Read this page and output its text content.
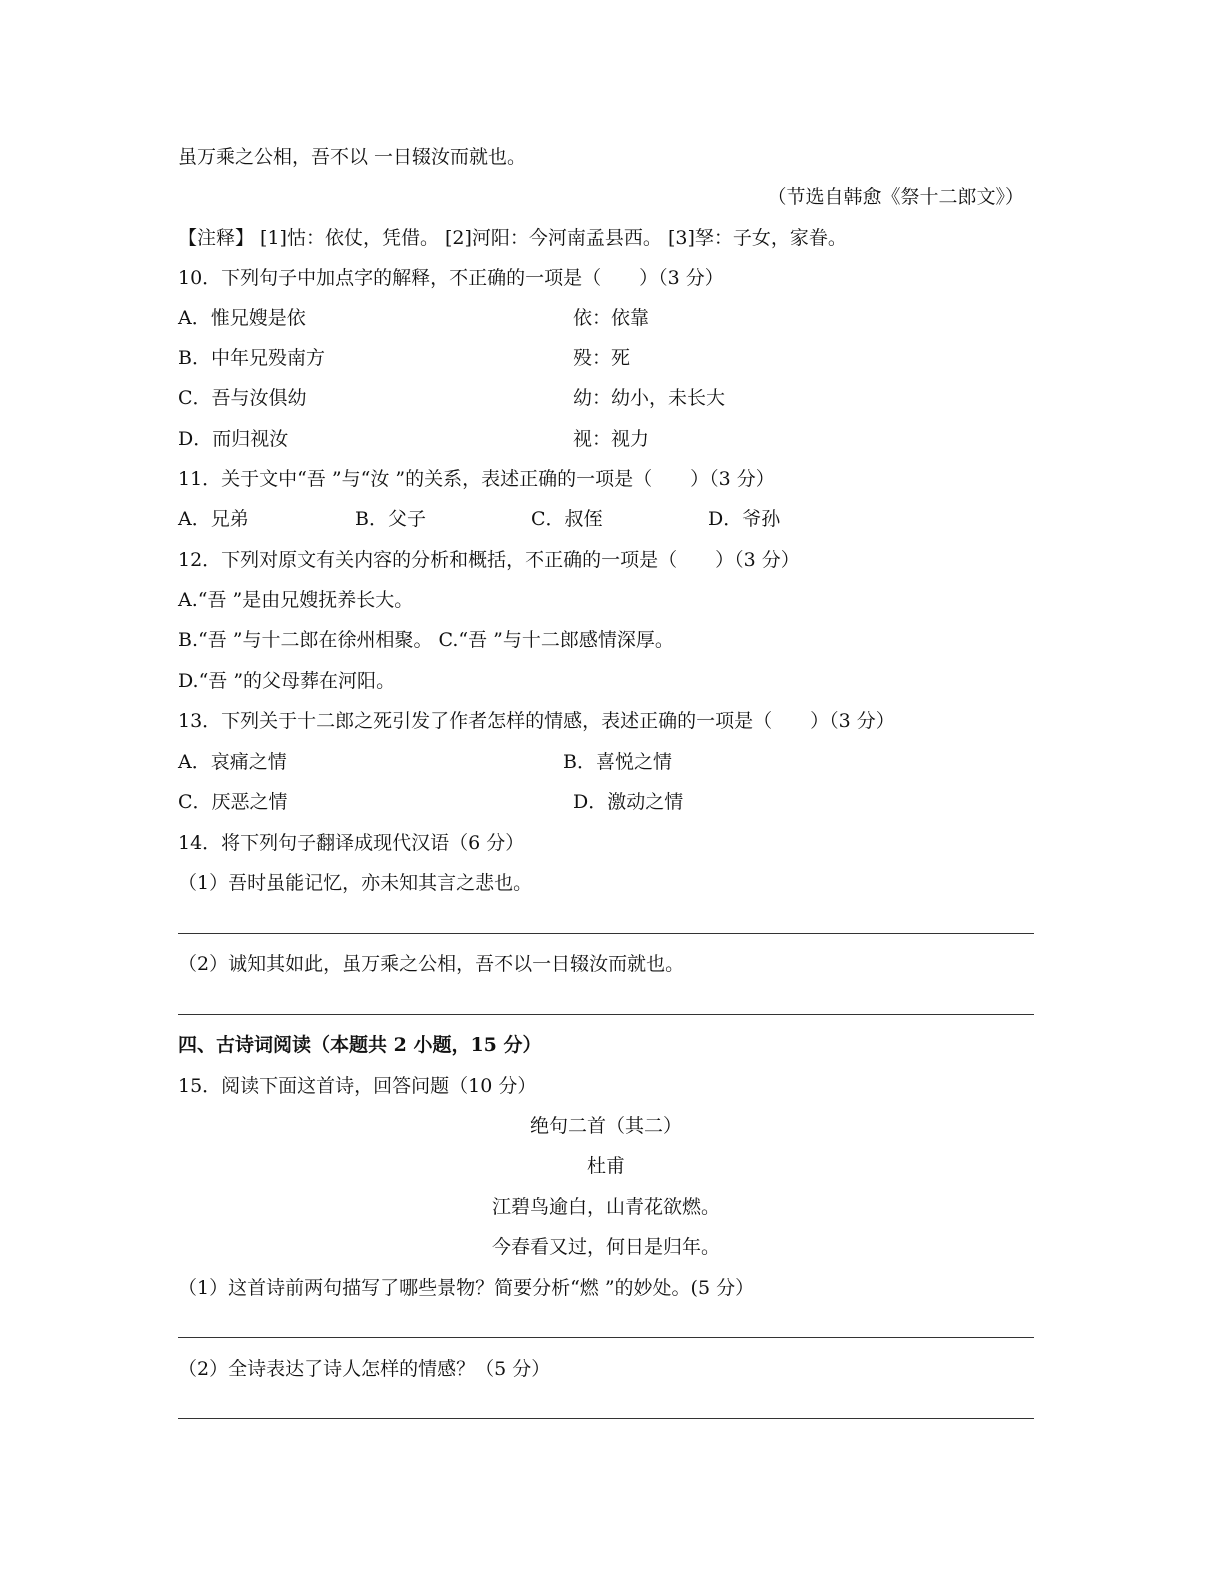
虽万乘之公相，吾不以 一日辍汝而就也。
（节选自韩愈《祭十二郎文》）
【注释】 [1]怙：依仗，凭借。 [2]河阳：今河南孟县西。 [3]孥：子女，家眷。
10．下列句子中加点字的解释，不正确的一项是（　　）（3 分）
A．惟兄嫂是依	依：依靠
B．中年兄殁南方	殁：死
C．吾与汝俱幼	幼：幼小，未长大
D．而归视汝	视：视力
11．关于文中“吾 ”与“汝 ”的关系，表述正确的一项是（　　）（3 分）
A．兄弟	B．父子	C．叔侄	D．爷孙
12．下列对原文有关内容的分析和概括，不正确的一项是（　　）（3 分）
A.“吾 ”是由兄嫂抚养长大。
B.“吾 ”与十二郎在徐州相聚。 C.“吾 ”与十二郎感情深厚。
D.“吾 ”的父母葬在河阳。
13．下列关于十二郎之死引发了作者怎样的情感，表述正确的一项是（　　）（3 分）
A．哀痛之情	B．喜悦之情
C．厌恶之情	D．激动之情
14．将下列句子翻译成现代汉语（6 分）
（1）吾时虽能记忆，亦未知其言之悲也。
（2）诚知其如此，虽万乘之公相，吾不以一日辍汝而就也。
四、古诗词阅读（本题共 2 小题，15 分）
15．阅读下面这首诗，回答问题（10 分）
绝句二首（其二）
杜甫
江碧鸟逾白，山青花欲燃。
今春看又过，何日是归年。
（1）这首诗前两句描写了哪些景物？简要分析“燃 ”的妙处。(5 分）
（2）全诗表达了诗人怎样的情感？（5 分）
